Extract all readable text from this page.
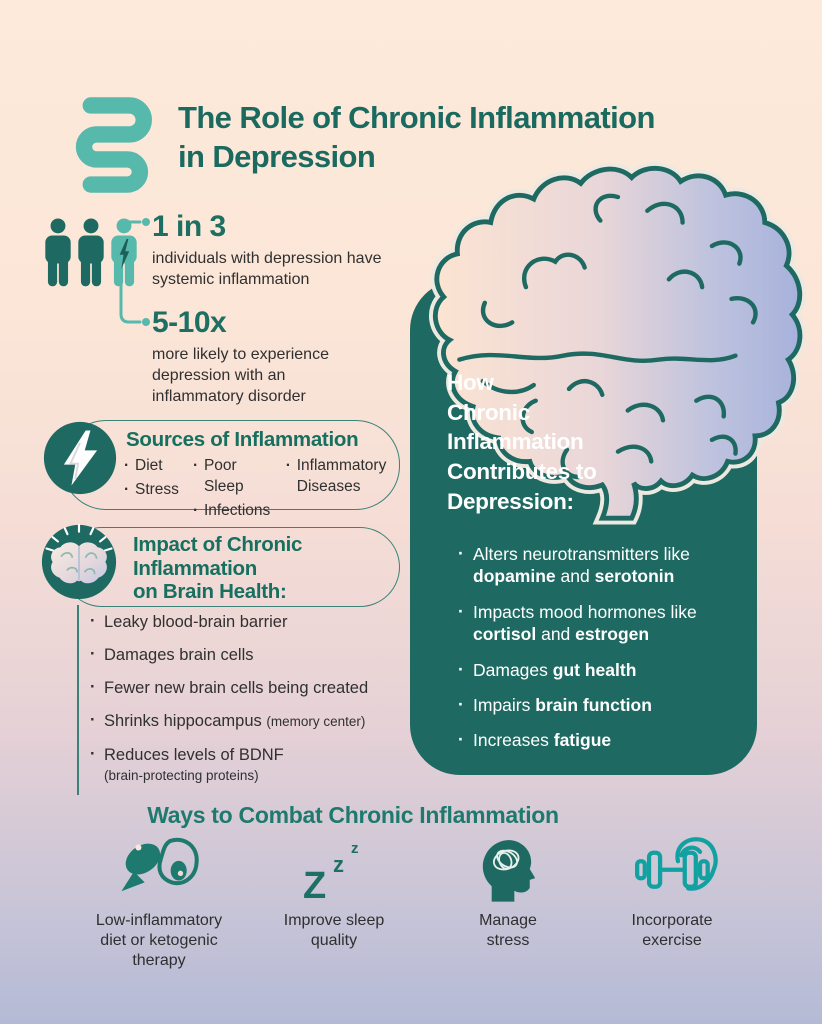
The Role of Chronic Inflammation
in Depression
1 in 3
individuals with depression have systemic inflammation
5-10x
more likely to experience depression with an inflammatory disorder
Sources of Inflammation
· Diet
· Stress
· Poor Sleep
· Infections
· Inflammatory Diseases
Impact of Chronic
Inflammation
on Brain Health:
· Leaky blood-brain barrier
· Damages brain cells
· Fewer new brain cells being created
· Shrinks hippocampus (memory center)
· Reduces levels of BDNF
(brain-protecting proteins)
How
Chronic
Inflammation
Contributes to
Depression:
· Alters neurotransmitters like
dopamine and serotonin
· Impacts mood hormones like
cortisol and estrogen
· Damages gut health
· Impairs brain function
· Increases fatigue
Ways to Combat Chronic Inflammation
Low-inflammatory diet or ketogenic therapy
Z
z
z
Improve sleep quality
Manage stress
Incorporate exercise
